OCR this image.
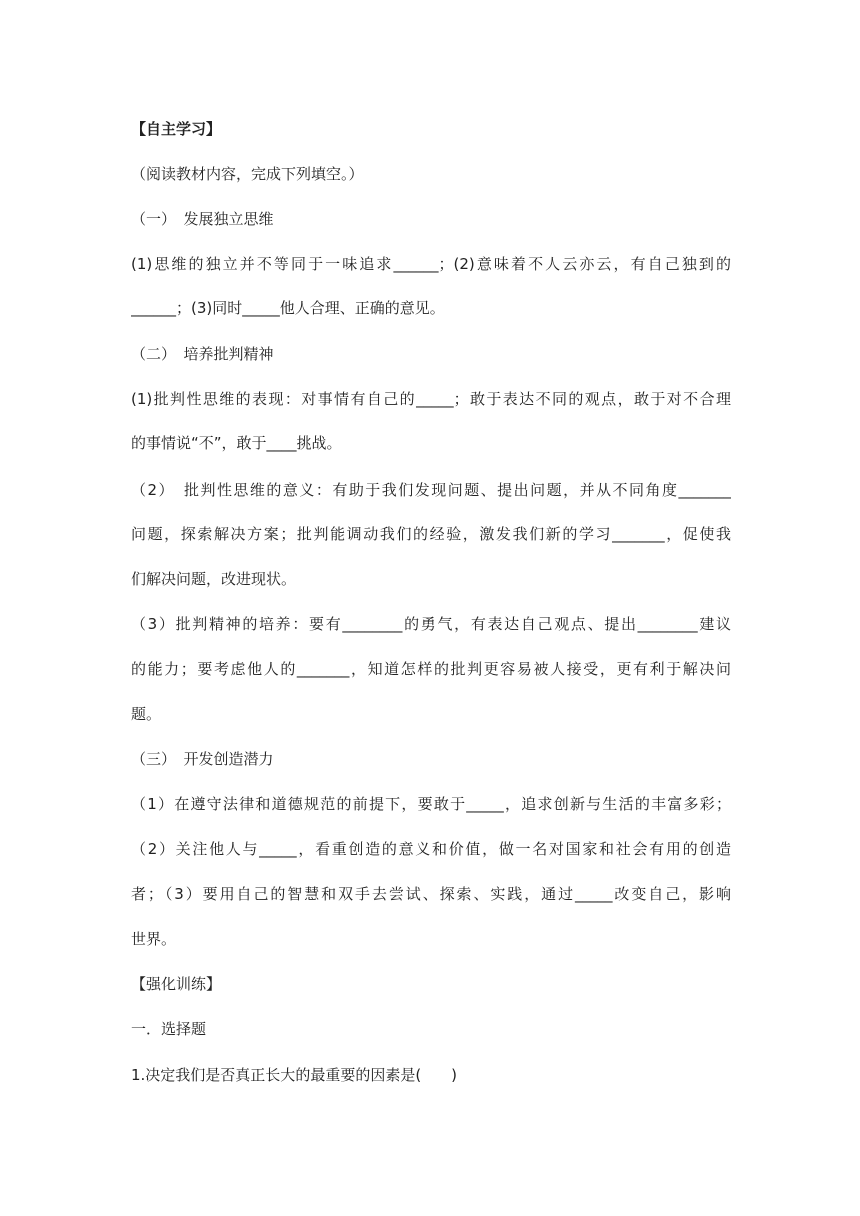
【自主学习】
（阅读教材内容，完成下列填空。）
（一）　发展独立思维
(1)思维的独立并不等同于一味追求______；(2)意味着不人云亦云，有自己独到的
______；(3)同时_____他人合理、正确的意见。
（二）　培养批判精神
(1)批判性思维的表现：对事情有自己的_____；敢于表达不同的观点，敢于对不合理
的事情说“不”，敢于____挑战。
（2）　批判性思维的意义：有助于我们发现问题、提出问题，并从不同角度_______
问题，探索解决方案；批判能调动我们的经验，激发我们新的学习_______，促使我
们解决问题，改进现状。
（3）批判精神的培养：要有________的勇气，有表达自己观点、提出________建议
的能力；要考虑他人的_______，知道怎样的批判更容易被人接受，更有利于解决问
题。
（三）　开发创造潜力
（1）在遵守法律和道德规范的前提下，要敢于_____，追求创新与生活的丰富多彩；
（2）关注他人与_____，看重创造的意义和价值，做一名对国家和社会有用的创造
者；（3）要用自己的智慧和双手去尝试、探索、实践，通过_____改变自己，影响
世界。
【强化训练】
一．选择题
1.决定我们是否真正长大的最重要的因素是(　　)
